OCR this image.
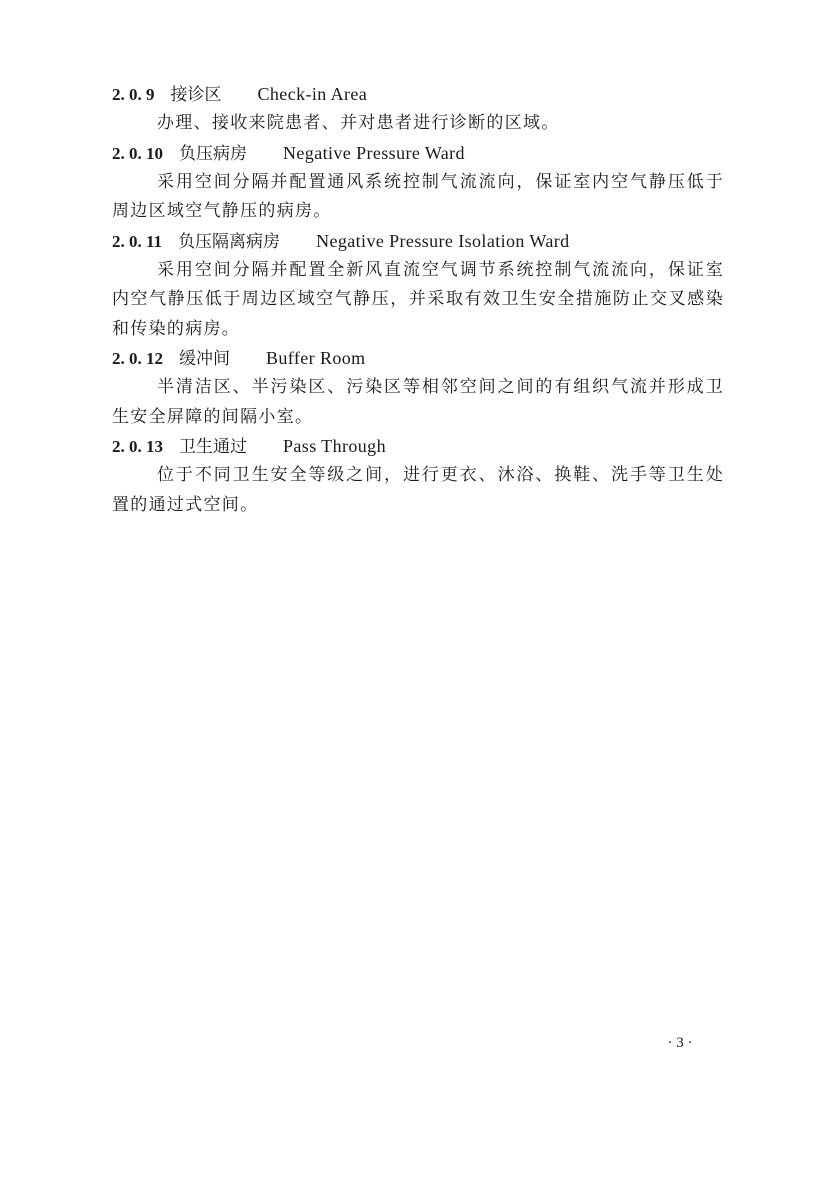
2. 0. 9 接诊区 Check-in Area

办理、接收来院患者、并对患者进行诊断的区域。

2. 0. 10 负压病房 Negative Pressure Ward

采用空间分隔并配置通风系统控制气流流向，保证室内空气静压低于周边区域空气静压的病房。

2. 0. 11 负压隔离病房 Negative Pressure Isolation Ward

采用空间分隔并配置全新风直流空气调节系统控制气流流向，保证室内空气静压低于周边区域空气静压，并采取有效卫生安全措施防止交叉感染和传染的病房。

2. 0. 12 缓冲间 Buffer Room

半清洁区、半污染区、污染区等相邻空间之间的有组织气流并形成卫生安全屏障的间隔小室。

2. 0. 13 卫生通过 Pass Through

位于不同卫生安全等级之间，进行更衣、沐浴、换鞋、洗手等卫生处置的通过式空间。

· 3 ·
